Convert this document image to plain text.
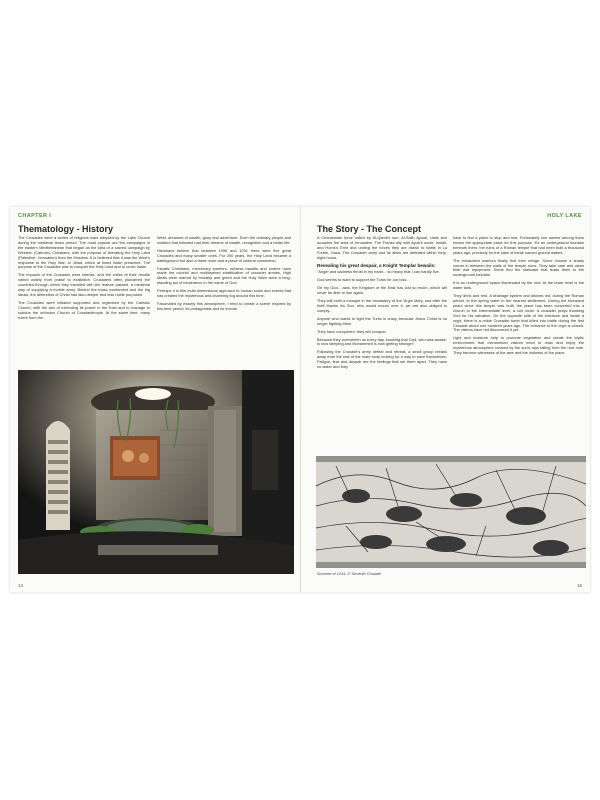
CHAPTER I
Thematology - History

The Crusades were a series of religious wars adopted by the Latin Church during the medieval times period. The most popular are the campaigns in the eastern Mediterranean that began as the idea of a sacred campaign by Western (Catholic) Christians, with the purpose of liberating the Holy Land (Palestine, Jerusalem) from the Muslims. It is believed that it was the West's response to the Holy War, or Jihad, which at times Islam preached. The purpose of the Crusades was to conquer the Holy Land and to crush Islam.

The impacts of the Crusades were intense, and the critics of their results varied widely from praise to exaltation. Crusaders often plundered the countries through which they travelled with the feature passed, a medieval way of supplying a mobile army. Behind the mass excitement and the big ideals, the defenders of Christ had also deeper and less noble purposes.

The Crusades were initiated supported and organized by the Catholic Church, with the aim of extending its power in the East and to manage to subdue the orthodox Church of Constantinople. At the same time, many rulers from the

West, dreamed of wealth, glory and adventure. Even the ordinary people and soldiers that followed had their dreams of wealth, recognition and a better life.

Historians believe that between 1096 and 1291 there were five great Crusades and many smaller ones. For 200 years, the Holy Land became a battleground but also a trade route and a place of cultural connection.

Fanatic Christians, mercenary warriors, ruthless bandits and looters have made the colorful and multilayered stratification of crusader armies. High ideals were marred by brutality and greed and the Holy Wars were a long-standing act of intolerance in the name of God.

Perhaps it is this multi-dimensional approach to human souls and events that has created the mysterious and charming fog around this time.

Fascinated by exactly this atmosphere, I tried to create a scene inspired by this time period, its protagonists and its events.

14
HOLY LAKE
The Story - The Concept

A Chorasmian force called by Al-Qamil's son, Al-Salih Ayoub, raids and occupies the area of Jerusalem. The Franks ally with Ayub's uncle, Ismail, and Homs's Emir and uniting the forces they are drawn to battle in La Forbie, Gaza. The Crusader army and its allies are defeated within forty-eight hours.

Revealing his great despair, a Knight Templar bewails:

"Anger and sadness thrust in my heart... so heavy that I can hardly live.

God seems to want to support the Turks for our loss...

Oh my God... alas, the Kingdom of the East has lost so much, which will never be able to rise again.

They will build a mosque in the monastery of the Virgin Mary, and after the theft thanks his Son, who would mourn over it, we are also obliged to comply...

Anyone who wants to fight the Turks is crazy, because Jesus Christ is no longer fighting them.

They have conquered, they will conquer.

Because they overwhelm us every day, knowing that God, who was awake, is now sleeping and Mohammed is now getting stronger".

Following the Crusade's army defeat and retreat, a small group breaks away from the rest of the main body looking for a way to save themselves. Fatigue, fear and despair are the feelings that set them apart. They have no water and they

have to find a place to stop and rest. Fortunately one warrior among them knows the appropriate place for this purpose. It's an underground fountain beneath them, the ruins of a Roman temple that had been built a thousand years ago, precisely for the sake of these sacred ground waters.

The exhausted warriors finally find their refuge. Some choose a shady corner in between the walls of the temple ruins. They take care and clean their war equipment. Some find the staircase that leads them to the underground fountain.

It is an underground space illuminated by the roof. At the lower level is the water tank.

They drink and rest. A drainage system and ditches led, during the Roman period, to the spring water in the nearest settlement. During the thousand years since this temple was built, the place has been converted into a church to the intermediate level, a cult niche. A crusader prays thanking God for his salvation. On the opposite side of the entrance and inside a crypt, there is a noble Crusader tomb that killed into battle during the first Crusade about one hundred years ago. The entrance to the crypt is closed. The visitors have not discovered it yet.

Light and moisture help to promote vegetation and create the idyllic environment that overworked visitors need to relax and enjoy the mysterious atmosphere created by the sun's rays falling from the roof hole. They become witnesses of the awe and the holiness of the place.

Summer of 1244, 2ⁿ Seventh Crusade
15
